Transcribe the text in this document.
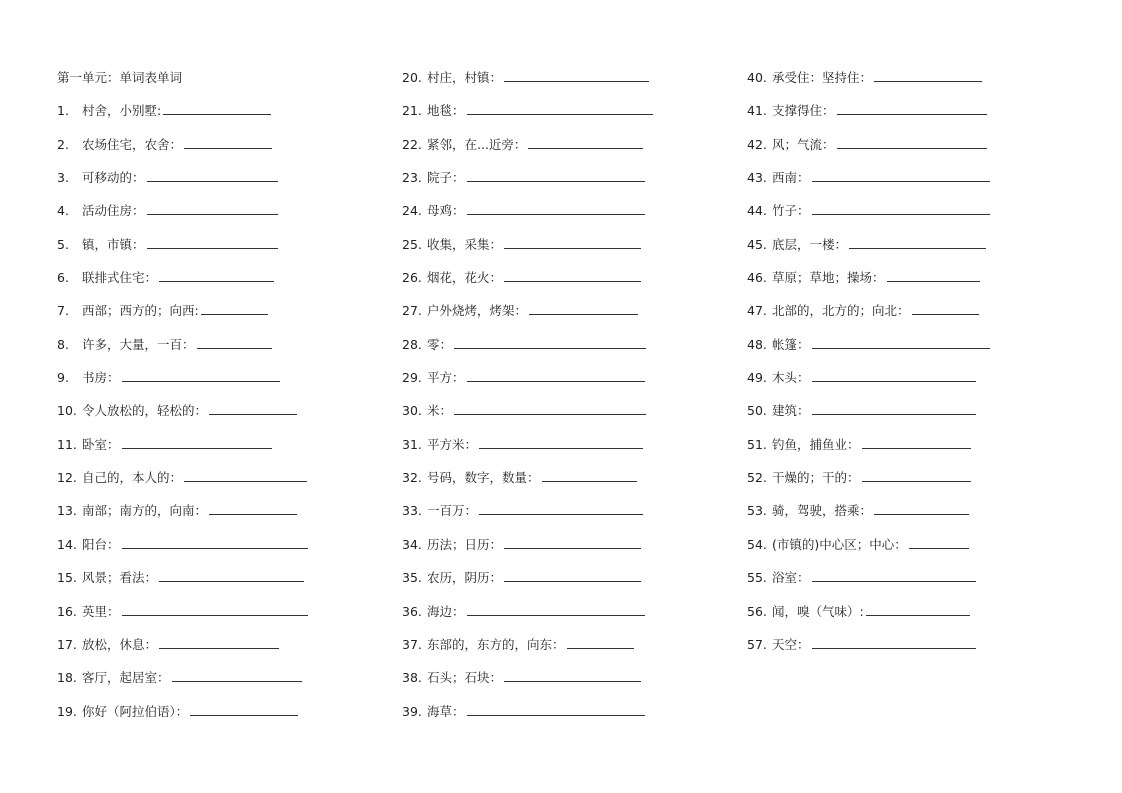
第一单元：单词表单词
1.	村舍，小别墅:
2.	农场住宅，农舍：
3.	可移动的：
4.	活动住房：
5.	镇，市镇：
6.	联排式住宅：
7.	西部；西方的；向西:
8.	许多，大量，一百：
9.	书房：
10. 令人放松的，轻松的：
11. 卧室：
12. 自己的，本人的：
13. 南部；南方的，向南：
14. 阳台：
15. 风景；看法：
16. 英里：
17. 放松，休息：
18. 客厅，起居室：
19. 你好（阿拉伯语）：
20. 村庄，村镇：
21. 地毯：
22. 紧邻，在...近旁：
23. 院子：
24. 母鸡：
25. 收集，采集：
26. 烟花，花火：
27. 户外烧烤，烤架：
28. 零：
29. 平方：
30. 米：
31. 平方米：
32. 号码，数字，数量：
33. 一百万：
34. 历法；日历：
35. 农历，阴历：
36. 海边：
37. 东部的，东方的，向东：
38. 石头；石块：
39. 海草：
40. 承受住：坚持住：
41. 支撑得住：
42. 风；气流：
43. 西南：
44. 竹子：
45. 底层，一楼：
46. 草原；草地；操场：
47. 北部的，北方的；向北：
48. 帐篷：
49. 木头：
50. 建筑：
51. 钓鱼，捕鱼业：
52. 干燥的；干的：
53. 骑，驾驶，搭乘：
54. (市镇的)中心区；中心：
55. 浴室：
56. 闻，嗅（气味）:
57. 天空：
